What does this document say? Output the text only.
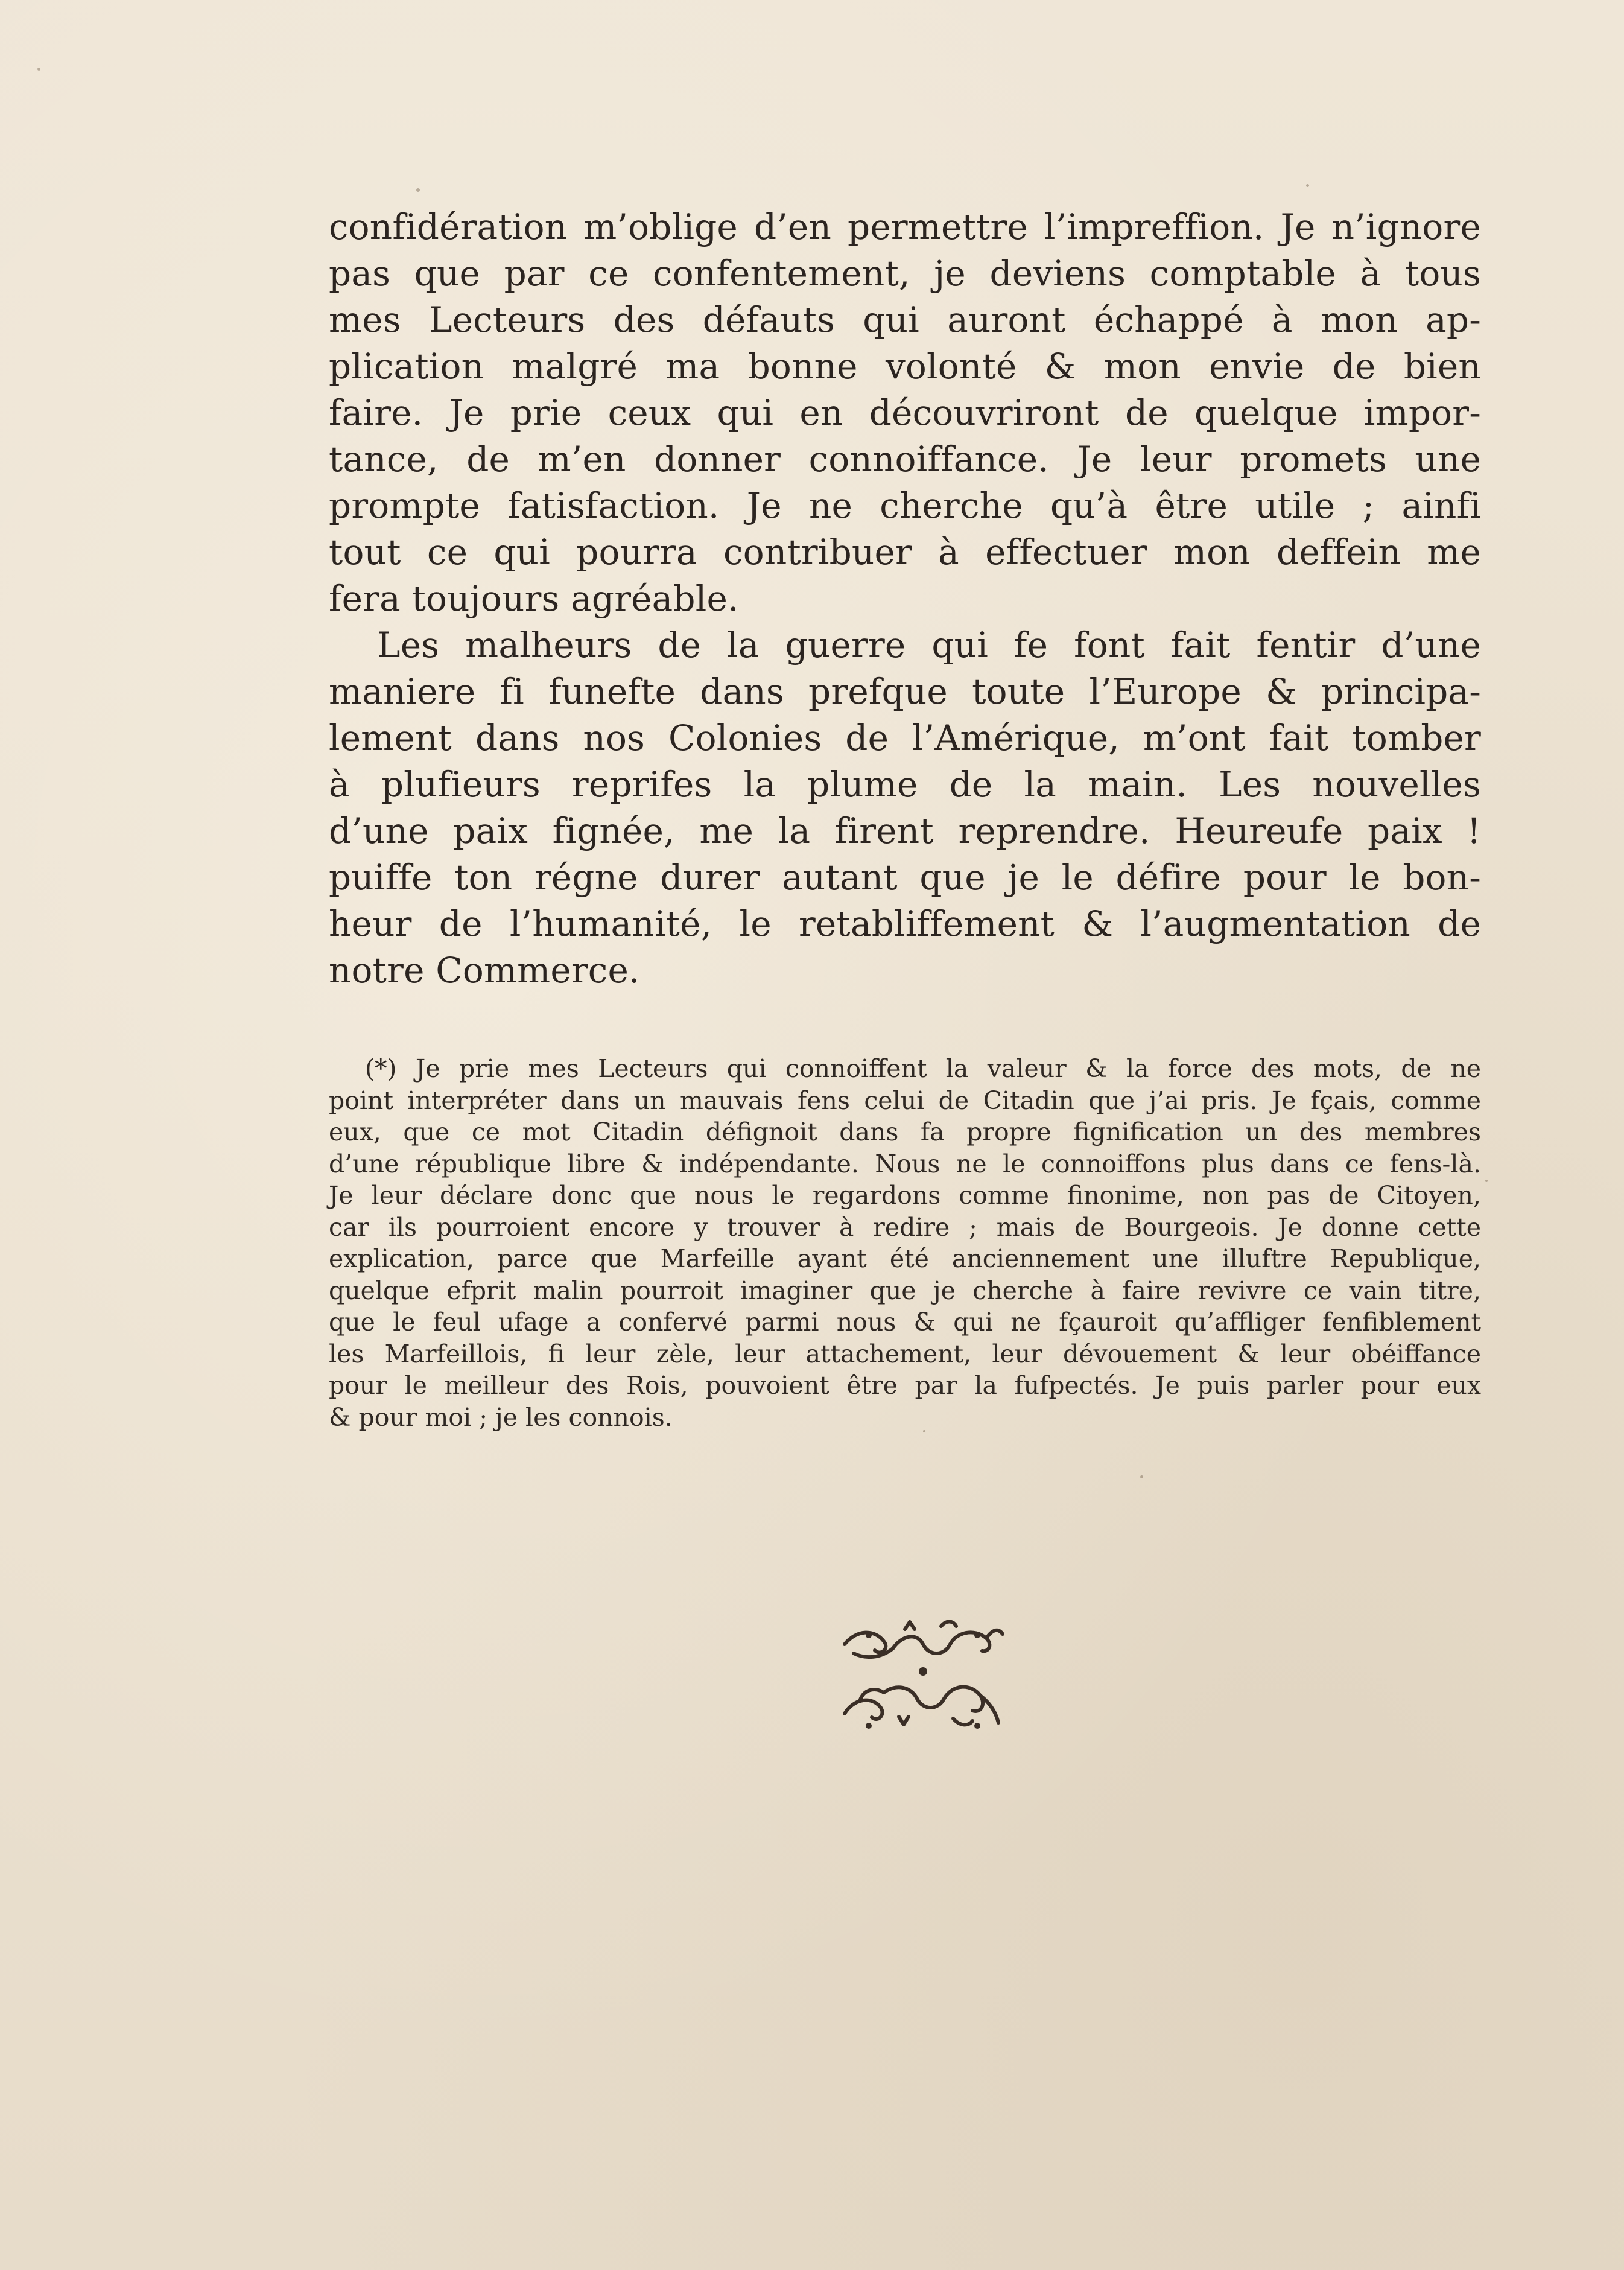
confidération m’oblige d’en permettre l’impreffion. Je n’ignore
pas que par ce confentement, je deviens comptable à tous
mes Lecteurs des défauts qui auront échappé à mon ap-
plication malgré ma bonne volonté & mon envie de bien
faire. Je prie ceux qui en découvriront de quelque impor-
tance, de m’en donner connoiffance. Je leur promets une
prompte fatisfaction. Je ne cherche qu’à être utile ; ainfi
tout ce qui pourra contribuer à effectuer mon deffein me
fera toujours agréable.
Les malheurs de la guerre qui fe font fait fentir d’une
maniere fi funefte dans prefque toute l’Europe & principa-
lement dans nos Colonies de l’Amérique, m’ont fait tomber
à plufieurs reprifes la plume de la main. Les nouvelles
d’une paix fignée, me la firent reprendre. Heureufe paix !
puiffe ton régne durer autant que je le défire pour le bon-
heur de l’humanité, le retabliffement & l’augmentation de
notre Commerce.
(*) Je prie mes Lecteurs qui connoiffent la valeur & la force des mots, de ne
point interpréter dans un mauvais fens celui de Citadin que j’ai pris. Je fçais, comme
eux, que ce mot Citadin défignoit dans fa propre fignification un des membres
d’une république libre & indépendante. Nous ne le connoiffons plus dans ce fens-là.
Je leur déclare donc que nous le regardons comme finonime, non pas de Citoyen,
car ils pourroient encore y trouver à redire ; mais de Bourgeois. Je donne cette
explication, parce que Marfeille ayant été anciennement une illuftre Republique,
quelque efprit malin pourroit imaginer que je cherche à faire revivre ce vain titre,
que le feul ufage a confervé parmi nous & qui ne fçauroit qu’affliger fenfiblement
les Marfeillois, fi leur zèle, leur attachement, leur dévouement & leur obéiffance
pour le meilleur des Rois, pouvoient être par la fufpectés. Je puis parler pour eux
& pour moi ; je les connois.
